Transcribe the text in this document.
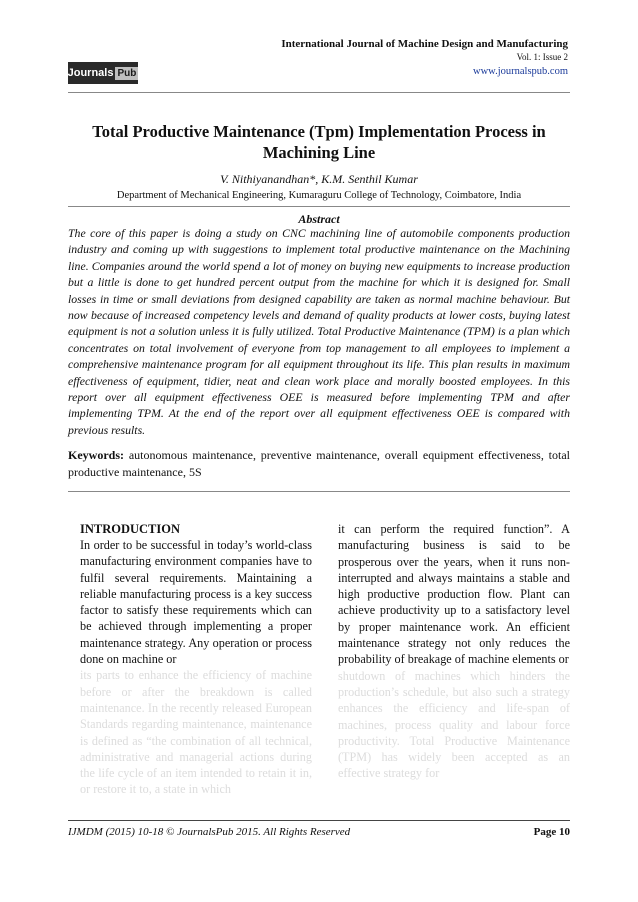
International Journal of Machine Design and Manufacturing
Vol. 1: Issue 2
www.journalspub.com
Journals Pub
Total Productive Maintenance (Tpm) Implementation Process in Machining Line
V. Nithiyanandhan*, K.M. Senthil Kumar
Department of Mechanical Engineering, Kumaraguru College of Technology, Coimbatore, India
Abstract
The core of this paper is doing a study on CNC machining line of automobile components production industry and coming up with suggestions to implement total productive maintenance on the Machining line. Companies around the world spend a lot of money on buying new equipments to increase production but a little is done to get hundred percent output from the machine for which it is designed for. Small losses in time or small deviations from designed capability are taken as normal machine behaviour. But now because of increased competency levels and demand of quality products at lower costs, buying latest equipment is not a solution unless it is fully utilized. Total Productive Maintenance (TPM) is a plan which concentrates on total involvement of everyone from top management to all employees to implement a comprehensive maintenance program for all equipment throughout its life. This plan results in maximum effectiveness of equipment, tidier, neat and clean work place and morally boosted employees. In this report over all equipment effectiveness OEE is measured before implementing TPM and after implementing TPM. At the end of the report over all equipment effectiveness OEE is compared with previous results.
Keywords: autonomous maintenance, preventive maintenance, overall equipment effectiveness, total productive maintenance, 5S
INTRODUCTION
In order to be successful in today’s world-class manufacturing environment companies have to fulfil several requirements. Maintaining a reliable manufacturing process is a key success factor to satisfy these requirements which can be achieved through implementing a proper maintenance strategy. Any operation or process done on machine or
its parts to enhance the efficiency of machine before or after the breakdown is called maintenance. In the recently released European Standards regarding maintenance, maintenance is defined as “the combination of all technical, administrative and managerial actions during the life cycle of an item intended to retain it in, or restore it to, a state in which
it can perform the required function”. A manufacturing business is said to be prosperous over the years, when it runs non-interrupted and always maintains a stable and high productive production flow. Plant can achieve productivity up to a satisfactory level by proper maintenance work. An efficient maintenance strategy not only reduces the probability of breakage of machine elements or
shutdown of machines which hinders the production’s schedule, but also such a strategy enhances the efficiency and life-span of machines, process quality and labour force productivity. Total Productive Maintenance (TPM) has widely been accepted as an effective strategy for
IJMDM (2015) 10-18 © JournalsPub 2015. All Rights Reserved	Page 10
